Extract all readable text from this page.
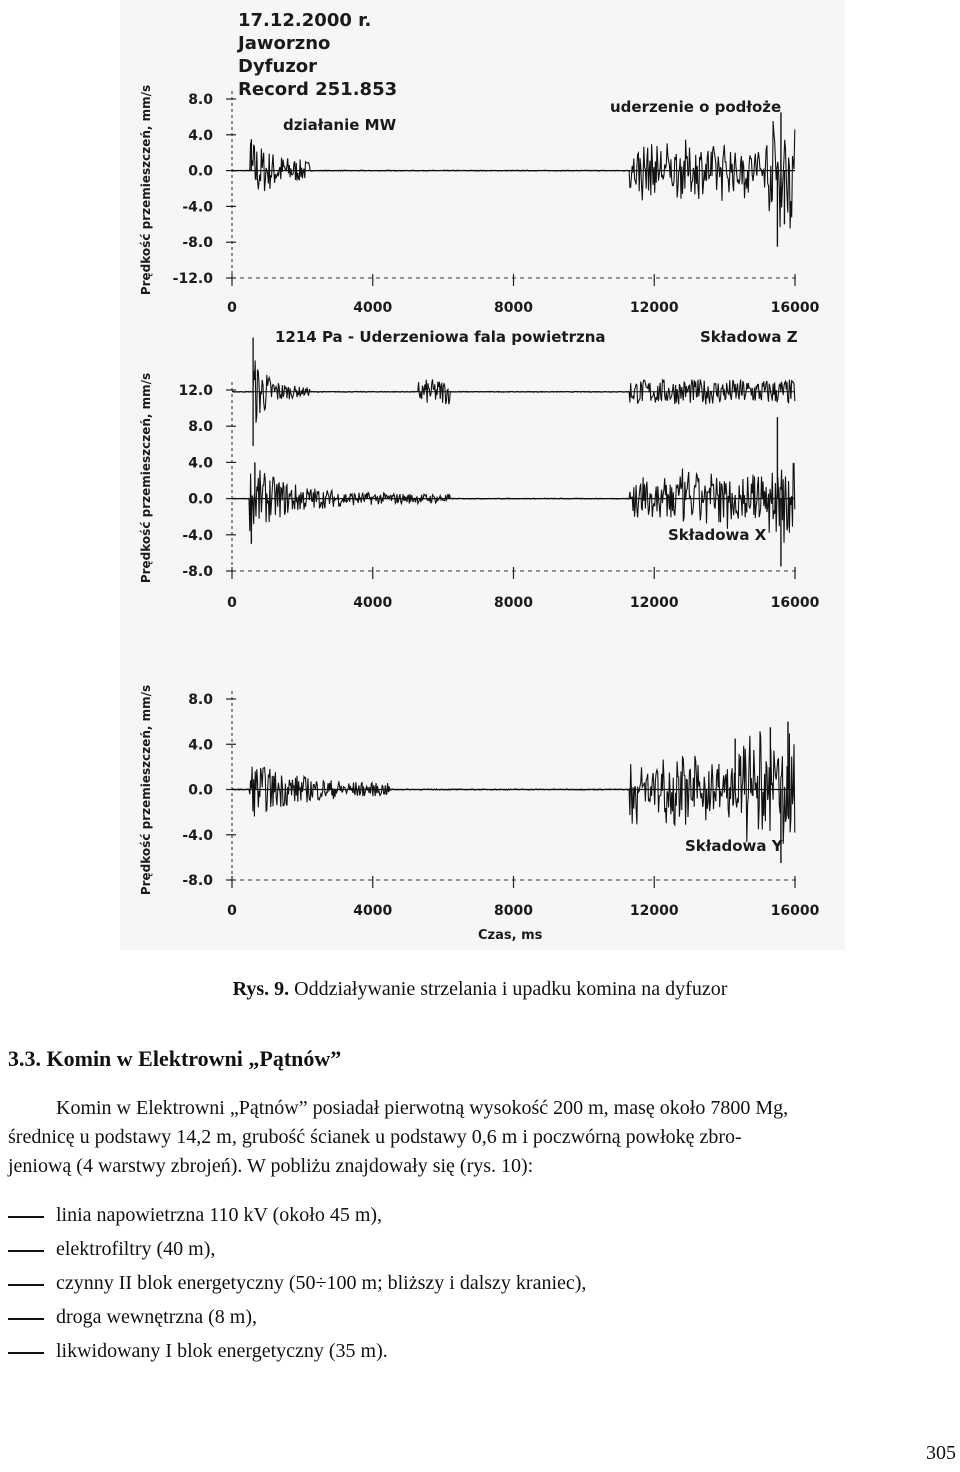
17.12.2000 r.
Jaworzno
Dyfuzor
Record 251.853
działanie MW
uderzenie o podłoże
1214 Pa - Uderzeniowa fala powietrzna	Składowa Z
Składowa X
Składowa Y
Czas, ms
Prędkość przemieszczeń, mm/s
Prędkość przemieszczeń, mm/s
Prędkość przemieszczeń, mm/s
8.0
4.0
0.0
-4.0
-8.0
-12.0
0	4000	8000	12000	16000
12.0
8.0
4.0
0.0
-4.0
-8.0
0	4000	8000	12000	16000
8.0
4.0
0.0
-4.0
-8.0
0	4000	8000	12000	16000
Rys. 9. Oddziaływanie strzelania i upadku komina na dyfuzor
3.3. Komin w Elektrowni „Pątnów”
Komin w Elektrowni „Pątnów” posiadał pierwotną wysokość 200 m, masę około 7800 Mg,
średnicę u podstawy 14,2 m, grubość ścianek u podstawy 0,6 m i poczwórną powłokę zbro-
jeniową (4 warstwy zbrojeń). W pobliżu znajdowały się (rys. 10):
linia napowietrzna 110 kV (około 45 m),
elektrofiltry (40 m),
czynny II blok energetyczny (50÷100 m; bliższy i dalszy kraniec),
droga wewnętrzna (8 m),
likwidowany I blok energetyczny (35 m).
305
